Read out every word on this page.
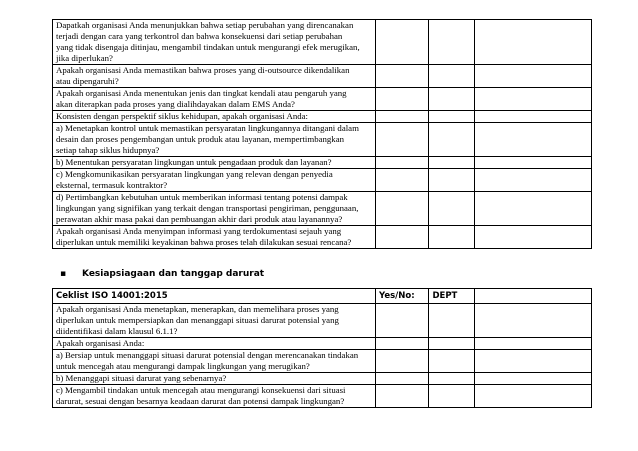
Dapatkah organisasi Anda menunjukkan bahwa setiap perubahan yang direncanakan
terjadi dengan cara yang terkontrol dan bahwa konsekuensi dari setiap perubahan
yang tidak disengaja ditinjau, mengambil tindakan untuk mengurangi efek merugikan,
jika diperlukan?			

Apakah organisasi Anda memastikan bahwa proses yang di-outsource dikendalikan
atau dipengaruhi?			

Apakah organisasi Anda menentukan jenis dan tingkat kendali atau pengaruh yang
akan diterapkan pada proses yang dialihdayakan dalam EMS Anda?			

Konsisten dengan perspektif siklus kehidupan, apakah organisasi Anda:			

a) Menetapkan kontrol untuk memastikan persyaratan lingkungannya ditangani dalam
desain dan proses pengembangan untuk produk atau layanan, mempertimbangkan
setiap tahap siklus hidupnya?			

b) Menentukan persyaratan lingkungan untuk pengadaan produk dan layanan?			

c) Mengkomunikasikan persyaratan lingkungan yang relevan dengan penyedia
eksternal, termasuk kontraktor?			

d) Pertimbangkan kebutuhan untuk memberikan informasi tentang potensi dampak
lingkungan yang signifikan yang terkait dengan transportasi pengiriman, penggunaan,
perawatan akhir masa pakai dan pembuangan akhir dari produk atau layanannya?			

Apakah organisasi Anda menyimpan informasi yang terdokumentasi sejauh yang
diperlukan untuk memiliki keyakinan bahwa proses telah dilakukan sesuai rencana?			

▪ Kesiapsiagaan dan tanggap darurat
Ceklist ISO 14001:2015	Yes/No:	DEPT	

Apakah organisasi Anda menetapkan, menerapkan, dan memelihara proses yang
diperlukan untuk mempersiapkan dan menanggapi situasi darurat potensial yang
diidentifikasi dalam klausul 6.1.1?			

Apakah organisasi Anda:			

a) Bersiap untuk menanggapi situasi darurat potensial dengan merencanakan tindakan
untuk mencegah atau mengurangi dampak lingkungan yang merugikan?			

b) Menanggapi situasi darurat yang sebenarnya?			

c) Mengambil tindakan untuk mencegah atau mengurangi konsekuensi dari situasi
darurat, sesuai dengan besarnya keadaan darurat dan potensi dampak lingkungan?			
